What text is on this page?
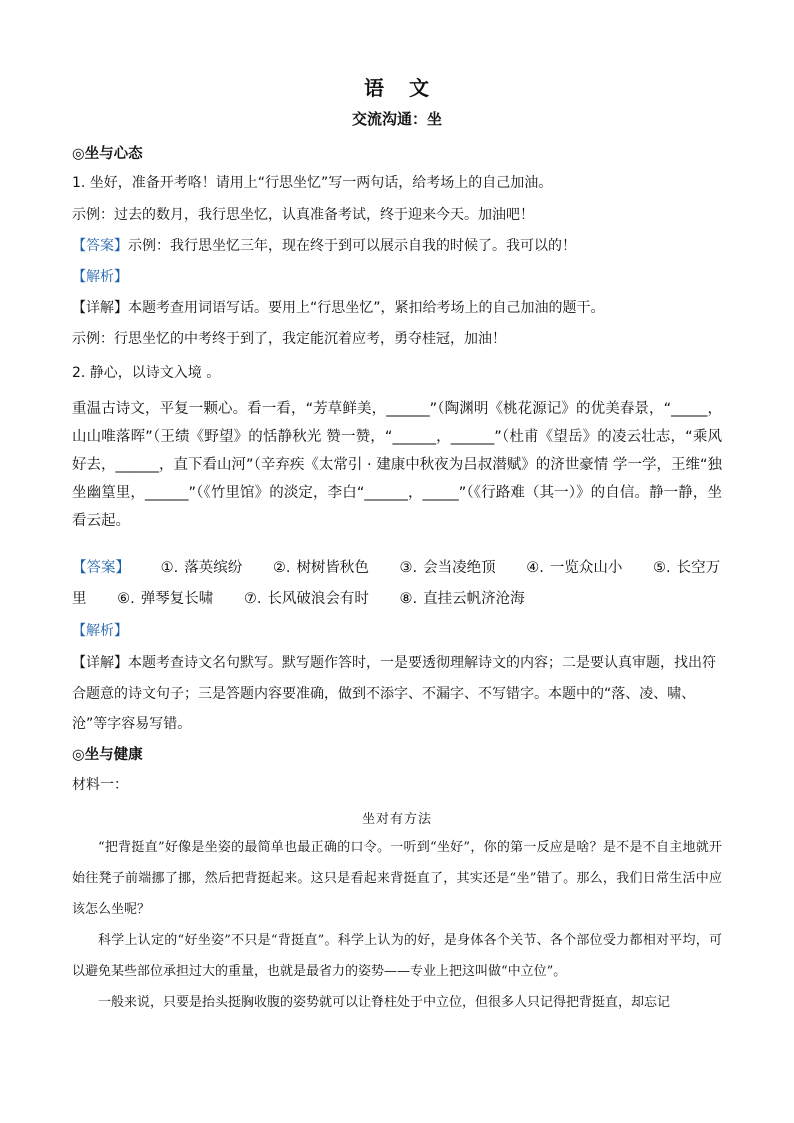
语 文
交流沟通：坐
◎坐与心态
1. 坐好，准备开考咯！请用上“行思坐忆”写一两句话，给考场上的自己加油。
示例：过去的数月，我行思坐忆，认真准备考试，终于迎来今天。加油吧！
【答案】示例：我行思坐忆三年，现在终于到可以展示自我的时候了。我可以的！
【解析】
【详解】本题考查用词语写话。要用上“行思坐忆”，紧扣给考场上的自己加油的题干。
示例：行思坐忆的中考终于到了，我定能沉着应考，勇夺桂冠，加油！
2. 静心，以诗文入境 。
重温古诗文，平复一颗心。看一看，“芳草鲜美，______”（陶渊明《桃花源记》的优美春景，“_____，山山唯落晖”（王绩《野望》的恬静秋光 赞一赞，“______，______”（杜甫《望岳》的凌云壮志，“乘风好去，______，直下看山河”（辛弃疾《太常引 · 建康中秋夜为吕叔潜赋》的济世豪情 学一学，王维“独坐幽篁里，______”（《竹里馆》的淡定，李白“______，_____”（《行路难（其一）》的自信。静一静，坐看云起。
【答案】 ①. 落英缤纷 ②. 树树皆秋色 ③. 会当凌绝顶 ④. 一览众山小 ⑤. 长空万
里 ⑥. 弹琴复长啸 ⑦. 长风破浪会有时 ⑧. 直挂云帆济沧海
【解析】
【详解】本题考查诗文名句默写。默写题作答时，一是要透彻理解诗文的内容；二是要认真审题，找出符
合题意的诗文句子；三是答题内容要准确，做到不添字、不漏字、不写错字。本题中的“落、凌、啸、
沧”等字容易写错。
◎坐与健康
材料一：
坐对有方法

“把背挺直”好像是坐姿的最简单也最正确的口令。一听到“坐好”，你的第一反应是啥？是不是不自主地就开始往凳子前端挪了挪，然后把背挺起来。这只是看起来背挺直了，其实还是“坐”错了。那么，我们日常生活中应该怎么坐呢？

科学上认定的“好坐姿”不只是“背挺直”。科学上认为的好，是身体各个关节、各个部位受力都相对平均，可以避免某些部位承担过大的重量，也就是最省力的姿势——专业上把这叫做“中立位”。

一般来说，只要是抬头挺胸收腹的姿势就可以让脊柱处于中立位，但很多人只记得把背挺直，却忘记
